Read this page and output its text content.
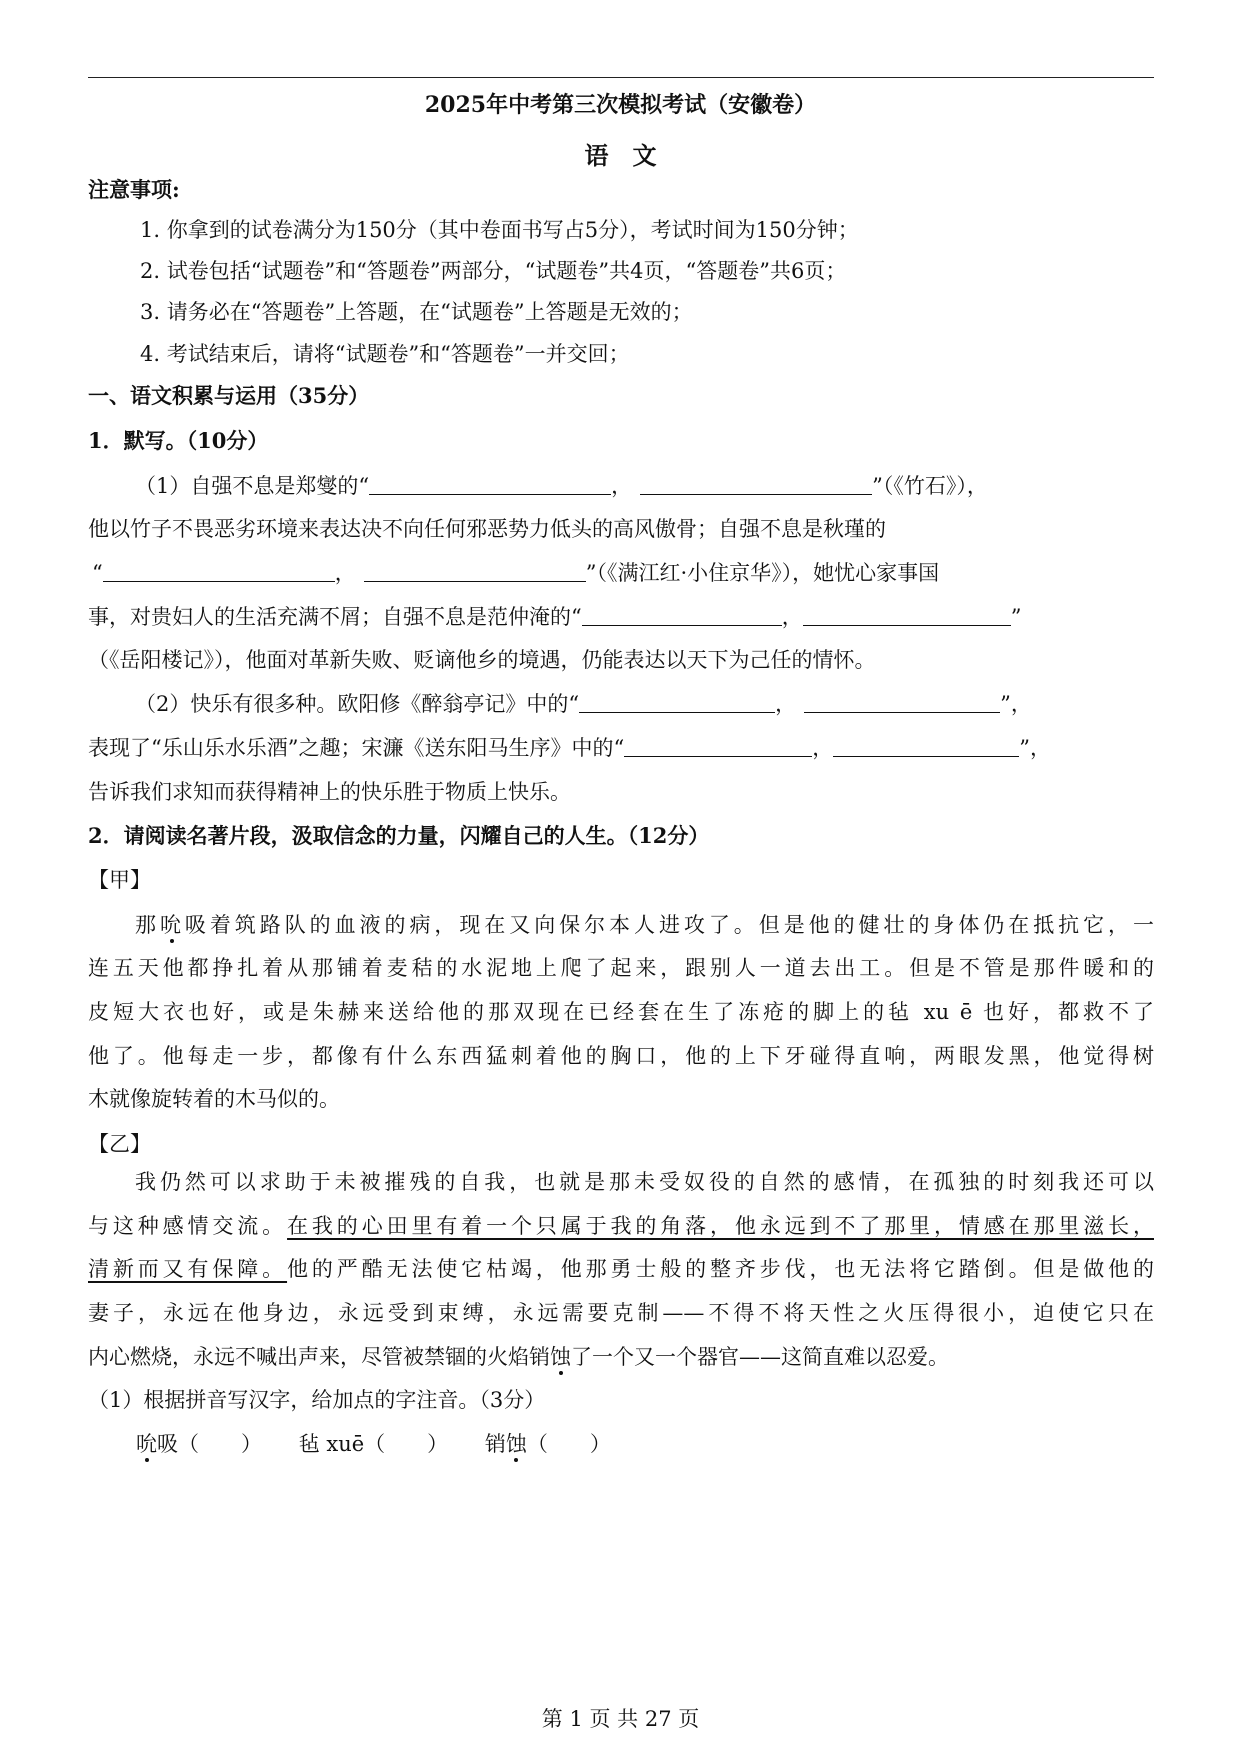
2025年中考第三次模拟考试（安徽卷）
语文
注意事项:
1. 你拿到的试卷满分为150分（其中卷面书写占5分），考试时间为150分钟；
2. 试卷包括“试题卷”和“答题卷”两部分，“试题卷”共4页，“答题卷”共6页；
3. 请务必在“答题卷”上答题，在“试题卷”上答题是无效的；
4. 考试结束后，请将“试题卷”和“答题卷”一并交回；
一、语文积累与运用（35分）
1．默写。（10分）
（1）自强不息是郑燮的“	，	”（《竹石》），
他以竹子不畏恶劣环境来表达决不向任何邪恶势力低头的高风傲骨；自强不息是秋瑾的
“	，	”（《满江红·小住京华》），她忧心家事国
事，对贵妇人的生活充满不屑；自强不息是范仲淹的“	，	”
（《岳阳楼记》），他面对革新失败、贬谪他乡的境遇，仍能表达以天下为己任的情怀。
（2）快乐有很多种。欧阳修《醉翁亭记》中的“	，	”，
表现了“乐山乐水乐酒”之趣；宋濂《送东阳马生序》中的“	，	”，
告诉我们求知而获得精神上的快乐胜于物质上快乐。
2．请阅读名著片段，汲取信念的力量，闪耀自己的人生。（12分）
【甲】
那吮吸着筑路队的血液的病，现在又向保尔本人进攻了。但是他的健壮的身体仍在抵抗它，一
连五天他都挣扎着从那铺着麦秸的水泥地上爬了起来，跟别人一道去出工。但是不管是那件暖和的
皮短大衣也好，或是朱赫来送给他的那双现在已经套在生了冻疮的脚上的毡 xu ē 也好，都救不了
他了。他每走一步，都像有什么东西猛刺着他的胸口，他的上下牙碰得直响，两眼发黑，他觉得树
木就像旋转着的木马似的。
【乙】
我仍然可以求助于未被摧残的自我，也就是那未受奴役的自然的感情，在孤独的时刻我还可以
与这种感情交流。在我的心田里有着一个只属于我的角落，他永远到不了那里，情感在那里滋长，
清新而又有保障。他的严酷无法使它枯竭，他那勇士般的整齐步伐，也无法将它踏倒。但是做他的
妻子，永远在他身边，永远受到束缚，永远需要克制——不得不将天性之火压得很小，迫使它只在
内心燃烧，永远不喊出声来，尽管被禁锢的火焰销蚀了一个又一个器官——这简直难以忍爱。
（1）根据拼音写汉字，给加点的字注音。（3分）
吮吸（　　） 毡 xuē（　　） 销蚀（　　）
第 1 页 共 27 页
